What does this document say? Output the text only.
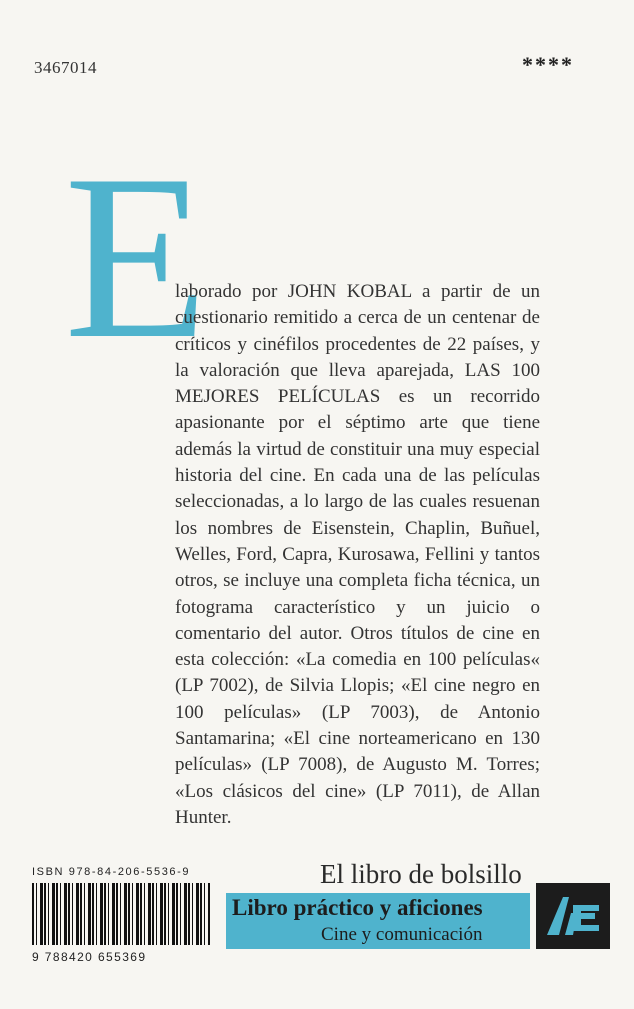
3467014	****
E
laborado por JOHN KOBAL a partir de un cuestionario remitido a cerca de un centenar de críticos y cinéfilos procedentes de 22 países, y la valoración que lleva aparejada, LAS 100 MEJORES PELÍCULAS es un recorrido apasionante por el séptimo arte que tiene además la virtud de constituir una muy especial historia del cine. En cada una de las películas seleccionadas, a lo largo de las cuales resuenan los nombres de Eisenstein, Chaplin, Buñuel, Welles, Ford, Capra, Kurosawa, Fellini y tantos otros, se incluye una completa ficha técnica, un fotograma característico y un juicio o comentario del autor. Otros títulos de cine en esta colección: «La comedia en 100 películas« (LP 7002), de Silvia Llopis; «El cine negro en 100 películas» (LP 7003), de Antonio Santamarina; «El cine norteamericano en 130 películas» (LP 7008), de Augusto M. Torres; «Los clásicos del cine» (LP 7011), de Allan Hunter.
ISBN 978-84-206-5536-9
9 788420 655369
El libro de bolsillo
Libro práctico y aficiones
Cine y comunicación
